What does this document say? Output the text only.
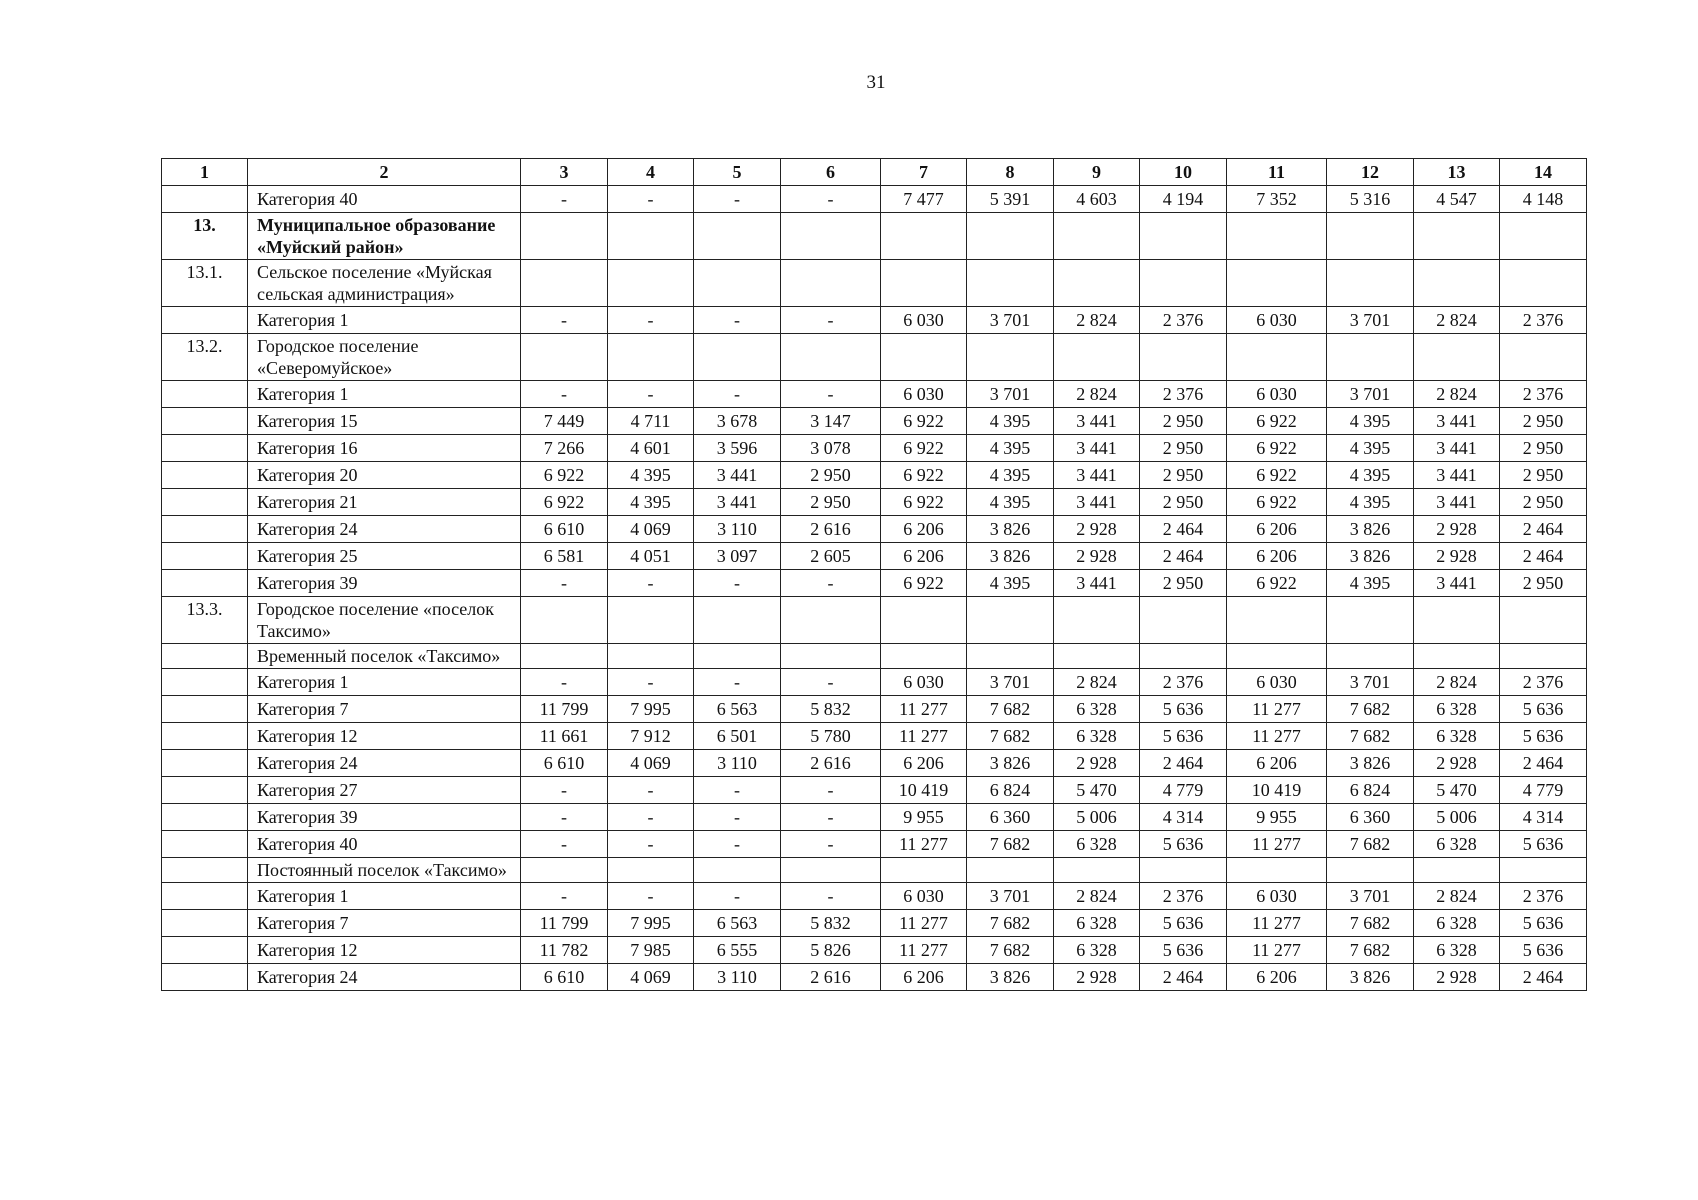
31
1	2	3	4	5	6	7	8	9	10	11	12	13	14
	Категория 40	-	-	-	-	7 477	5 391	4 603	4 194	7 352	5 316	4 547	4 148
13.	Муниципальное образование «Муйский район»												
13.1.	Сельское поселение «Муйская сельская администрация»												
	Категория 1	-	-	-	-	6 030	3 701	2 824	2 376	6 030	3 701	2 824	2 376
13.2.	Городское поселение «Северомуйское»												
	Категория 1	-	-	-	-	6 030	3 701	2 824	2 376	6 030	3 701	2 824	2 376
	Категория 15	7 449	4 711	3 678	3 147	6 922	4 395	3 441	2 950	6 922	4 395	3 441	2 950
	Категория 16	7 266	4 601	3 596	3 078	6 922	4 395	3 441	2 950	6 922	4 395	3 441	2 950
	Категория 20	6 922	4 395	3 441	2 950	6 922	4 395	3 441	2 950	6 922	4 395	3 441	2 950
	Категория 21	6 922	4 395	3 441	2 950	6 922	4 395	3 441	2 950	6 922	4 395	3 441	2 950
	Категория 24	6 610	4 069	3 110	2 616	6 206	3 826	2 928	2 464	6 206	3 826	2 928	2 464
	Категория 25	6 581	4 051	3 097	2 605	6 206	3 826	2 928	2 464	6 206	3 826	2 928	2 464
	Категория 39	-	-	-	-	6 922	4 395	3 441	2 950	6 922	4 395	3 441	2 950
13.3.	Городское поселение «поселок Таксимо»												
	Временный поселок «Таксимо»												
	Категория 1	-	-	-	-	6 030	3 701	2 824	2 376	6 030	3 701	2 824	2 376
	Категория 7	11 799	7 995	6 563	5 832	11 277	7 682	6 328	5 636	11 277	7 682	6 328	5 636
	Категория 12	11 661	7 912	6 501	5 780	11 277	7 682	6 328	5 636	11 277	7 682	6 328	5 636
	Категория 24	6 610	4 069	3 110	2 616	6 206	3 826	2 928	2 464	6 206	3 826	2 928	2 464
	Категория 27	-	-	-	-	10 419	6 824	5 470	4 779	10 419	6 824	5 470	4 779
	Категория 39	-	-	-	-	9 955	6 360	5 006	4 314	9 955	6 360	5 006	4 314
	Категория 40	-	-	-	-	11 277	7 682	6 328	5 636	11 277	7 682	6 328	5 636
	Постоянный поселок «Таксимо»												
	Категория 1	-	-	-	-	6 030	3 701	2 824	2 376	6 030	3 701	2 824	2 376
	Категория 7	11 799	7 995	6 563	5 832	11 277	7 682	6 328	5 636	11 277	7 682	6 328	5 636
	Категория 12	11 782	7 985	6 555	5 826	11 277	7 682	6 328	5 636	11 277	7 682	6 328	5 636
	Категория 24	6 610	4 069	3 110	2 616	6 206	3 826	2 928	2 464	6 206	3 826	2 928	2 464
